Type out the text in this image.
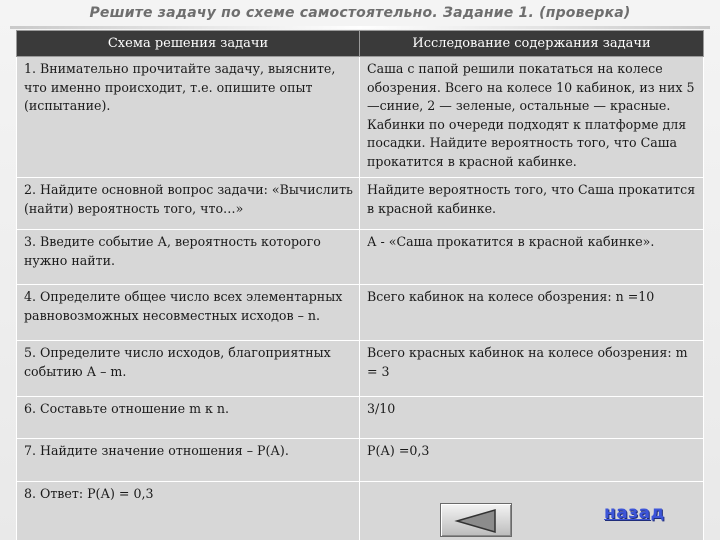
Решите задачу по схеме самостоятельно. Задание 1. (проверка)
Схема решения задачи	Исследование содержания задачи
1. Внимательно прочитайте задачу, выясните, что именно происходит, т.е. опишите опыт (испытание).	Саша с папой решили покататься на колесе обозрения. Всего на колесе 10 кабинок, из них 5 —синие, 2 — зеленые, остальные — красные. Кабинки по очереди подходят к платформе для посадки. Найдите вероятность того, что Саша прокатится в красной кабинке.
2. Найдите основной вопрос задачи: «Вычислить (найти) вероятность того, что…»	Найдите вероятность того, что Саша прокатится в красной кабинке.
3. Введите событие А, вероятность которого нужно найти.	А - «Саша прокатится в красной кабинке».
4. Определите общее число всех элементарных равновозможных несовместных исходов – n.	Всего кабинок на колесе обозрения: n =10
5. Определите число исходов, благоприятных событию А – m.	Всего красных кабинок на колесе обозрения: m = 3
6. Составьте отношение m к n.	3/10
7. Найдите значение отношения – Р(А).	Р(А) =0,3
8. Ответ: Р(А) = 0,3	назад
